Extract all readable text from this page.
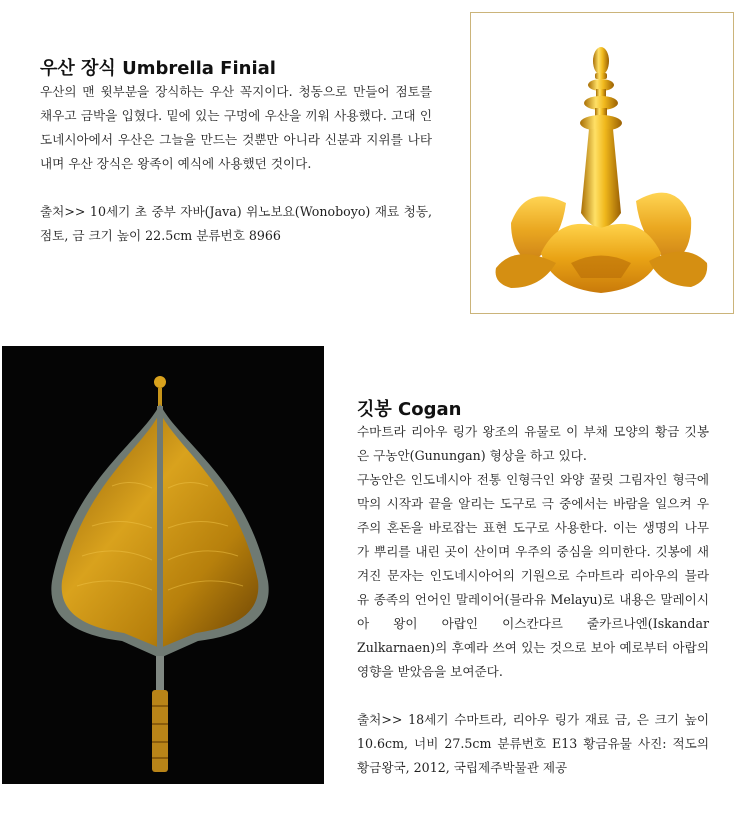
우산 장식 Umbrella Finial

우산의 맨 윗부분을 장식하는 우산 꼭지이다. 청동으로 만들어 점토를 채우고 금박을 입혔다. 밑에 있는 구멍에 우산을 끼워 사용했다. 고대 인도네시아에서 우산은 그늘을 만드는 것뿐만 아니라 신분과 지위를 나타내며 우산 장식은 왕족이 예식에 사용했던 것이다.

출처>> 10세기 초 중부 자바(Java) 위노보요(Wonoboyo) 재료 청동, 점토, 금 크기 높이 22.5cm 분류번호 8966

깃봉 Cogan

수마트라 리아우 링가 왕조의 유물로 이 부채 모양의 황금 깃봉은 구농안(Gunungan) 형상을 하고 있다.

구농안은 인도네시아 전통 인형극인 와양 꿀릿 그림자인 형극에 막의 시작과 끝을 알리는 도구로 극 중에서는 바람을 일으켜 우주의 혼돈을 바로잡는 표현 도구로 사용한다. 이는 생명의 나무가 뿌리를 내린 곳이 산이며 우주의 중심을 의미한다. 깃봉에 새겨진 문자는 인도네시아어의 기원으로 수마트라 리아우의 믈라유 종족의 언어인 말레이어(믈라유 Melayu)로 내용은 말레이시아 왕이 아랍인 이스칸다르 줄카르나엔(Iskandar Zulkarnaen)의 후예라 쓰여 있는 것으로 보아 예로부터 아랍의 영향을 받았음을 보여준다.

출처>> 18세기 수마트라, 리아우 링가 재료 금, 은 크기 높이 10.6cm, 너비 27.5cm 분류번호 E13 황금유물 사진: 적도의 황금왕국, 2012, 국립제주박물관 제공
